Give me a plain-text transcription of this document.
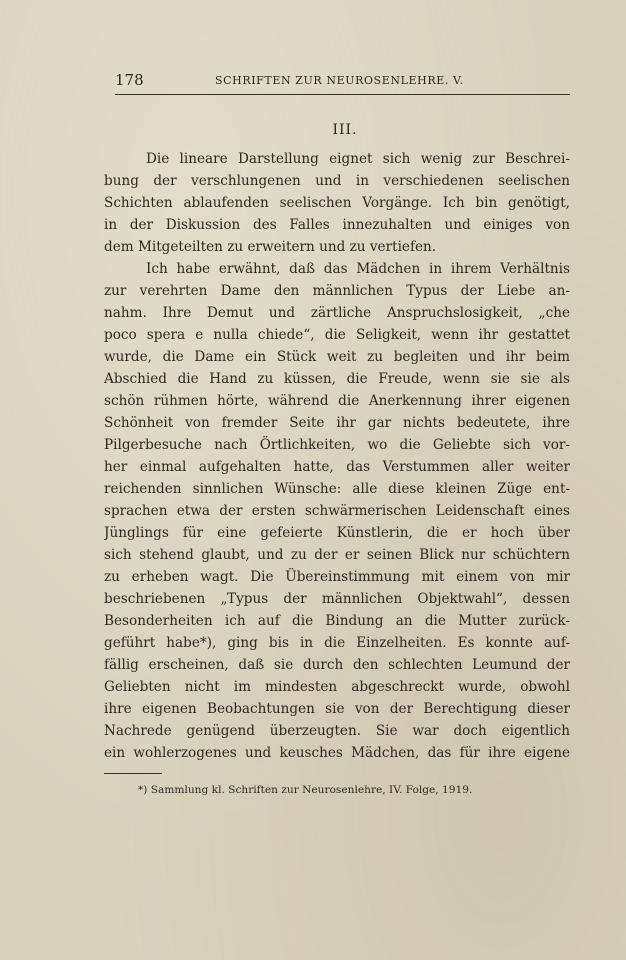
178	SCHRIFTEN ZUR NEUROSENLEHRE. V.
III.
Die lineare Darstellung eignet sich wenig zur Beschrei-
bung der verschlungenen und in verschiedenen seelischen
Schichten ablaufenden seelischen Vorgänge. Ich bin genötigt,
in der Diskussion des Falles innezuhalten und einiges von
dem Mitgeteilten zu erweitern und zu vertiefen.
Ich habe erwähnt, daß das Mädchen in ihrem Verhältnis
zur verehrten Dame den männlichen Typus der Liebe an-
nahm. Ihre Demut und zärtliche Anspruchslosigkeit, „che
poco spera e nulla chiede“, die Seligkeit, wenn ihr gestattet
wurde, die Dame ein Stück weit zu begleiten und ihr beim
Abschied die Hand zu küssen, die Freude, wenn sie sie als
schön rühmen hörte, während die Anerkennung ihrer eigenen
Schönheit von fremder Seite ihr gar nichts bedeutete, ihre
Pilgerbesuche nach Örtlichkeiten, wo die Geliebte sich vor-
her einmal aufgehalten hatte, das Verstummen aller weiter
reichenden sinnlichen Wünsche: alle diese kleinen Züge ent-
sprachen etwa der ersten schwärmerischen Leidenschaft eines
Jünglings für eine gefeierte Künstlerin, die er hoch über
sich stehend glaubt, und zu der er seinen Blick nur schüchtern
zu erheben wagt. Die Übereinstimmung mit einem von mir
beschriebenen „Typus der männlichen Objektwahl“, dessen
Besonderheiten ich auf die Bindung an die Mutter zurück-
geführt habe*), ging bis in die Einzelheiten. Es konnte auf-
fällig erscheinen, daß sie durch den schlechten Leumund der
Geliebten nicht im mindesten abgeschreckt wurde, obwohl
ihre eigenen Beobachtungen sie von der Berechtigung dieser
Nachrede genügend überzeugten. Sie war doch eigentlich
ein wohlerzogenes und keusches Mädchen, das für ihre eigene
*) Sammlung kl. Schriften zur Neurosenlehre, IV. Folge, 1919.
